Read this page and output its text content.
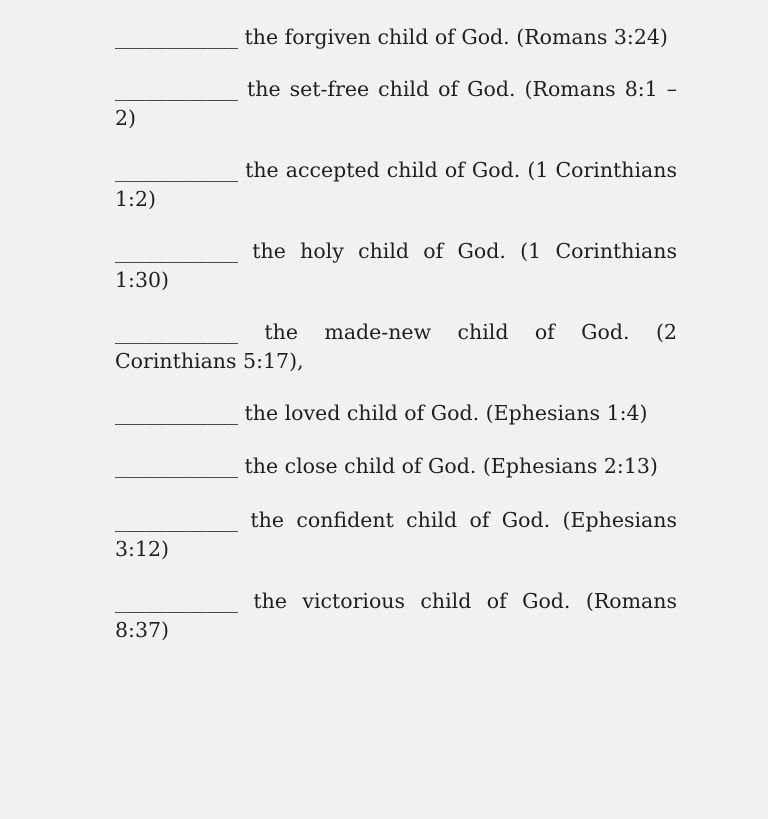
____________ the forgiven child of God. (Romans 3:24)

____________ the set-free child of God. (Romans 8:1 – 2)

____________ the accepted child of God. (1 Corinthians 1:2)

____________ the holy child of God. (1 Corinthians 1:30)

____________ the made-new child of God. (2 Corinthians 5:17),

____________ the loved child of God. (Ephesians 1:4)

____________ the close child of God. (Ephesians 2:13)

____________ the confident child of God. (Ephesians 3:12)

____________ the victorious child of God. (Romans 8:37)
